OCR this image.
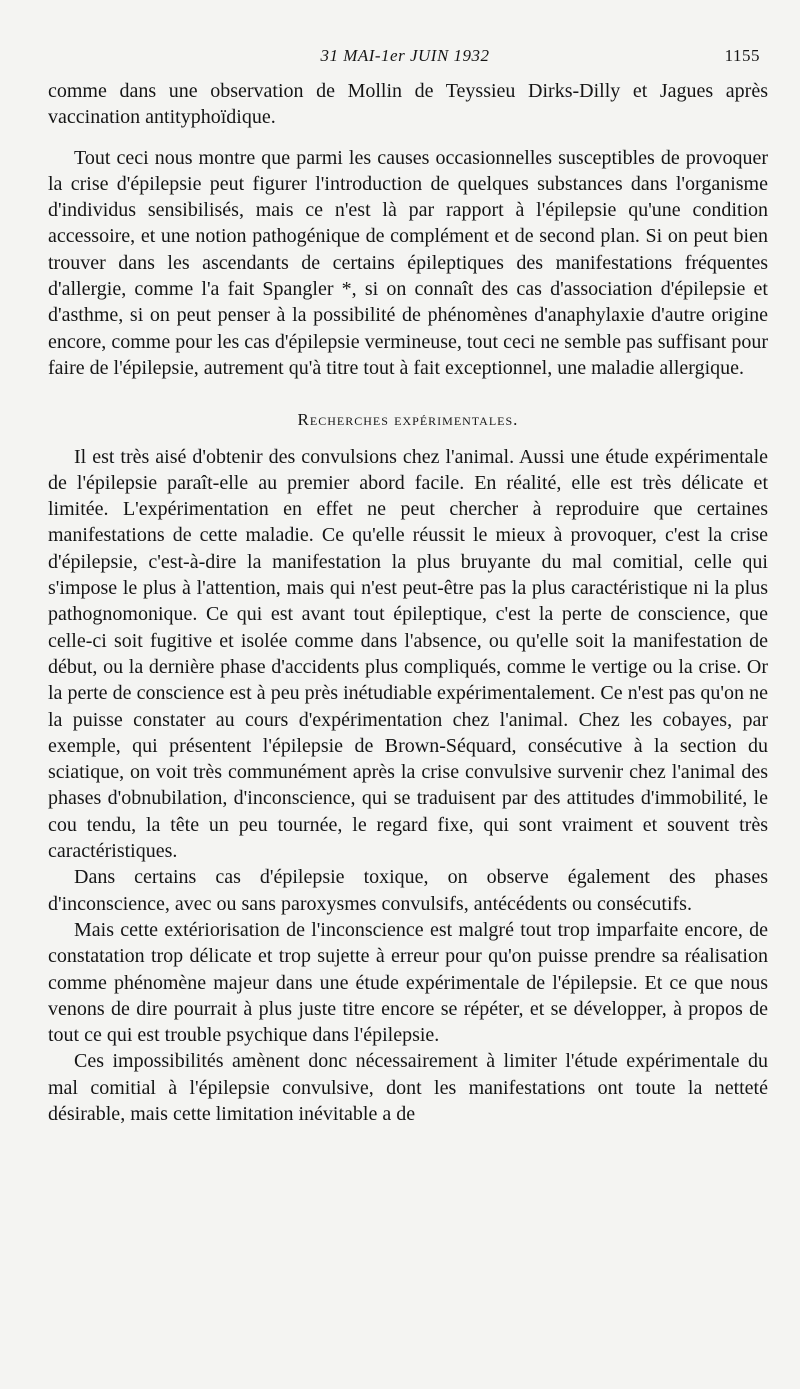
31 MAI-1er JUIN 1932	1155

comme dans une observation de Mollin de Teyssieu Dirks-Dilly et Jagues après vaccination antityphoïdique.

Tout ceci nous montre que parmi les causes occasionnelles susceptibles de provoquer la crise d'épilepsie peut figurer l'introduction de quelques substances dans l'organisme d'individus sensibilisés, mais ce n'est là par rapport à l'épilepsie qu'une condition accessoire, et une notion pathogénique de complément et de second plan. Si on peut bien trouver dans les ascendants de certains épileptiques des manifestations fréquentes d'allergie, comme l'a fait Spangler *, si on connaît des cas d'association d'épilepsie et d'asthme, si on peut penser à la possibilité de phénomènes d'anaphylaxie d'autre origine encore, comme pour les cas d'épilepsie vermineuse, tout ceci ne semble pas suffisant pour faire de l'épilepsie, autrement qu'à titre tout à fait exceptionnel, une maladie allergique.

Recherches expérimentales.

Il est très aisé d'obtenir des convulsions chez l'animal. Aussi une étude expérimentale de l'épilepsie paraît-elle au premier abord facile. En réalité, elle est très délicate et limitée. L'expérimentation en effet ne peut chercher à reproduire que certaines manifestations de cette maladie. Ce qu'elle réussit le mieux à provoquer, c'est la crise d'épilepsie, c'est-à-dire la manifestation la plus bruyante du mal comitial, celle qui s'impose le plus à l'attention, mais qui n'est peut-être pas la plus caractéristique ni la plus pathognomonique. Ce qui est avant tout épileptique, c'est la perte de conscience, que celle-ci soit fugitive et isolée comme dans l'absence, ou qu'elle soit la manifestation de début, ou la dernière phase d'accidents plus compliqués, comme le vertige ou la crise. Or la perte de conscience est à peu près inétudiable expérimentalement. Ce n'est pas qu'on ne la puisse constater au cours d'expérimentation chez l'animal. Chez les cobayes, par exemple, qui présentent l'épilepsie de Brown-Séquard, consécutive à la section du sciatique, on voit très communément après la crise convulsive survenir chez l'animal des phases d'obnubilation, d'inconscience, qui se traduisent par des attitudes d'immobilité, le cou tendu, la tête un peu tournée, le regard fixe, qui sont vraiment et souvent très caractéristiques.

Dans certains cas d'épilepsie toxique, on observe également des phases d'inconscience, avec ou sans paroxysmes convulsifs, antécédents ou consécutifs.

Mais cette extériorisation de l'inconscience est malgré tout trop imparfaite encore, de constatation trop délicate et trop sujette à erreur pour qu'on puisse prendre sa réalisation comme phénomène majeur dans une étude expérimentale de l'épilepsie. Et ce que nous venons de dire pourrait à plus juste titre encore se répéter, et se développer, à propos de tout ce qui est trouble psychique dans l'épilepsie.

Ces impossibilités amènent donc nécessairement à limiter l'étude expérimentale du mal comitial à l'épilepsie convulsive, dont les manifestations ont toute la netteté désirable, mais cette limitation inévitable a de
